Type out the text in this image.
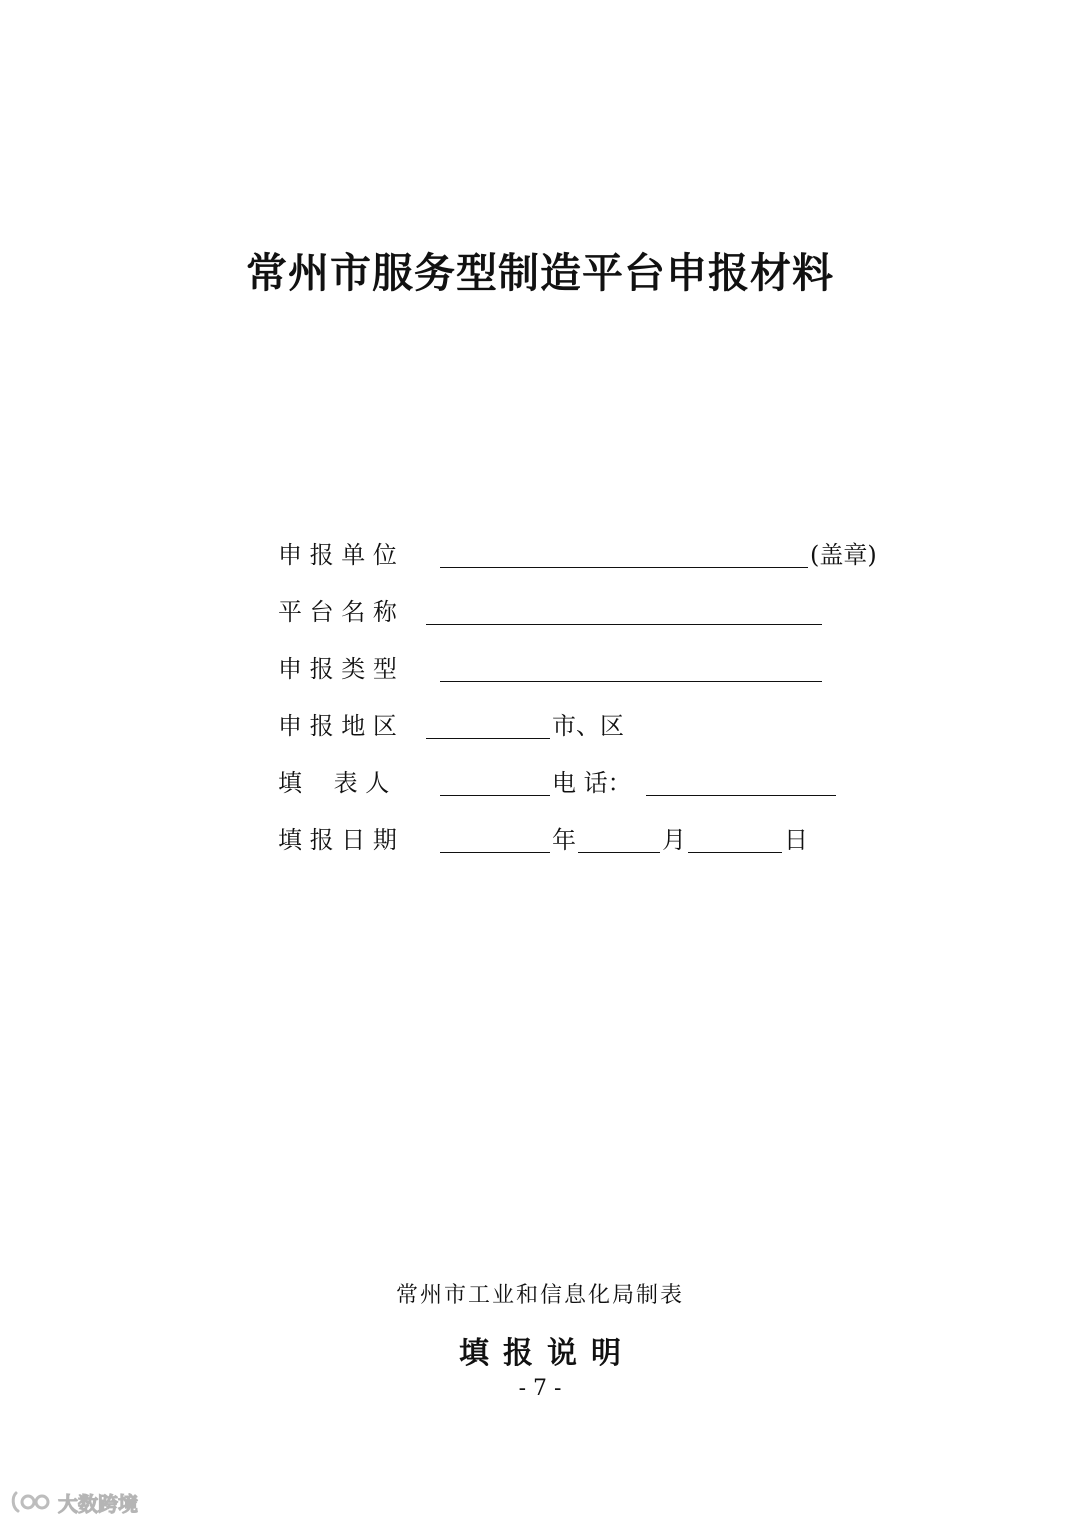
常州市服务型制造平台申报材料
申 报 单 位	(盖章)
平 台 名 称
申 报 类 型
申 报 地 区	市、区
填　 表 人	电 话：
填 报 日 期	年	月	日
常州市工业和信息化局制表
填报说明
- 7 -
大数跨境
